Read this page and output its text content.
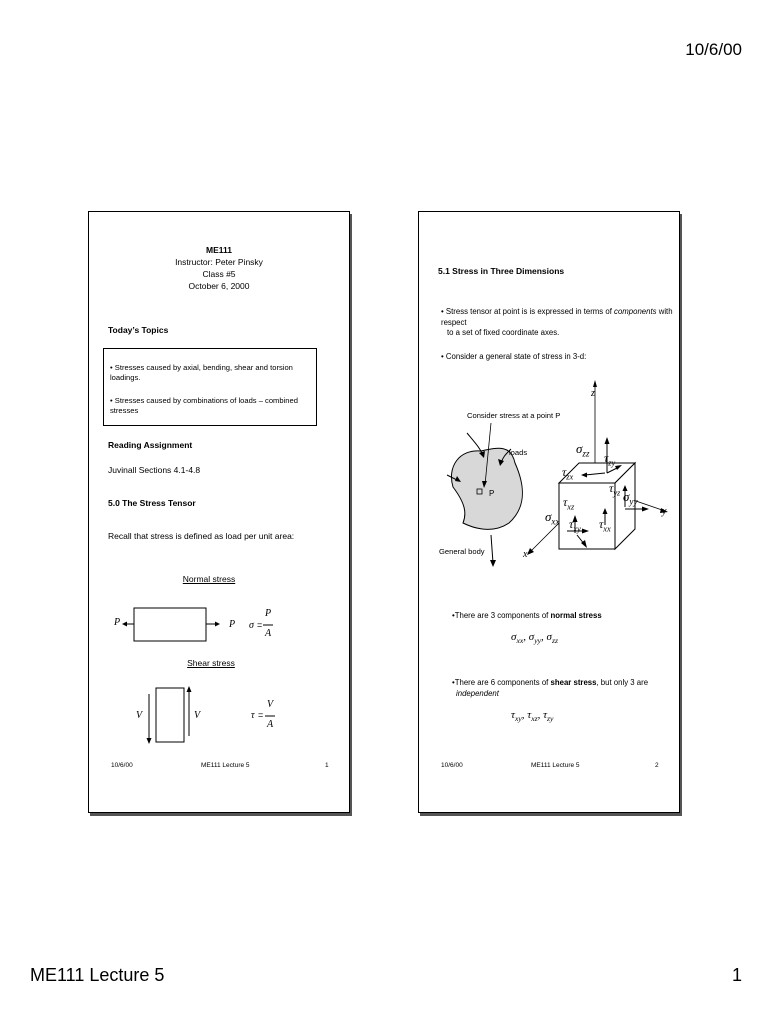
10/6/00
ME111
Instructor: Peter Pinsky
Class #5
October 6, 2000
Today’s Topics
• Stresses caused by axial, bending, shear and torsion loadings.
• Stresses caused by combinations of loads – combined stresses
Reading Assignment
Juvinall Sections 4.1-4.8
5.0 The Stress Tensor
Recall that stress is defined as load per unit area:
Normal stress
P	P σ =
P
A
Shear stress
V	V	τ =
V
A
10/6/00	ME111 Lecture 5	1
5.1 Stress in Three Dimensions
• Stress tensor at point is is expressed in terms of components with respect
to a set of fixed coordinate axes.
• Consider a general state of stress in 3-d:
Consider stress at a point P
loads
P
General body
z
y
x
$\sigma_{zz}$ $\tau_{zy}$
$\tau_{zx}$
$\sigma_{yy}$
$\tau_{yz}$
$\tau_{xz}$
$\sigma_{xx}$ $\tau_{xy}$ $\tau_{xx}$
•There are 3 components of normal stress
$\sigma_{xx}$, $\sigma_{yy}$, $\sigma_{zz}$
•There are 6 components of shear stress, but only 3 are
independent
$\tau_{xy}$, $\tau_{xz}$, $\tau_{zy}$
10/6/00	ME111 Lecture 5	2
ME111 Lecture 5	1
